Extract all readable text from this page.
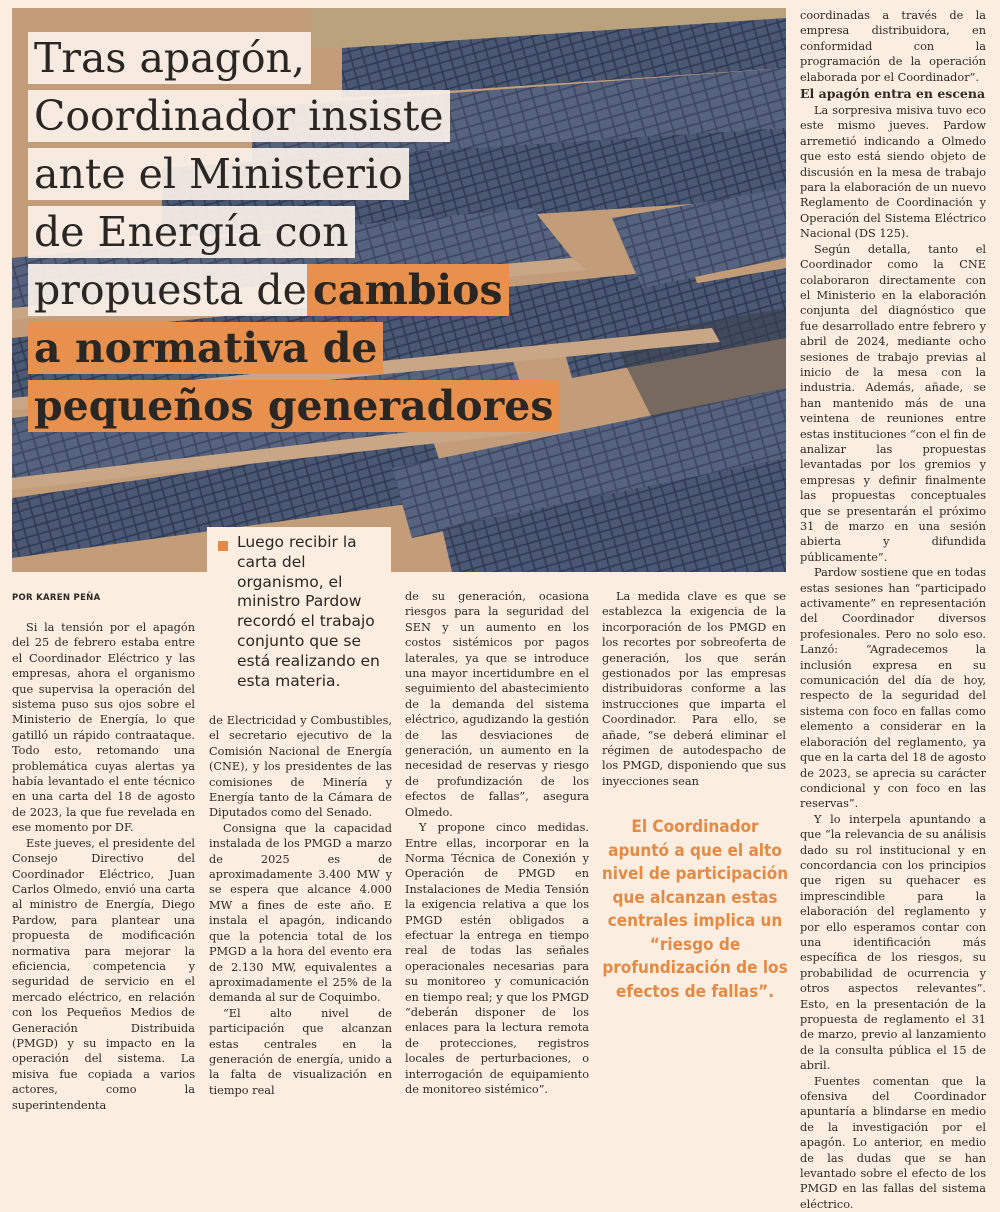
Tras apagón,
Coordinador insiste
ante el Ministerio
de Energía con
propuesta decambios
a normativa de
pequeños generadores
Luego recibir la carta del organismo, el ministro Pardow recordó el trabajo conjunto que se está realizando en esta materia.
POR KAREN PEÑA

Si la tensión por el apagón del 25 de febrero estaba entre el Coordinador Eléctrico y las empresas, ahora el organismo que supervisa la operación del sistema puso sus ojos sobre el Ministerio de Energía, lo que gatilló un rápido contraataque. Todo esto, retomando una problemática cuyas alertas ya había levantado el ente técnico en una carta del 18 de agosto de 2023, la que fue revelada en ese momento por DF.

Este jueves, el presidente del Consejo Directivo del Coordinador Eléctrico, Juan Carlos Olmedo, envió una carta al ministro de Energía, Diego Pardow, para plantear una propuesta de modificación normativa para mejorar la eficiencia, competencia y seguridad de servicio en el mercado eléctrico, en relación con los Pequeños Medios de Generación Distribuida (PMGD) y su impacto en la operación del sistema. La misiva fue copiada a varios actores, como la superintendenta

de Electricidad y Combustibles, el secretario ejecutivo de la Comisión Nacional de Energía (CNE), y los presidentes de las comisiones de Minería y Energía tanto de la Cámara de Diputados como del Senado.

Consigna que la capacidad instalada de los PMGD a marzo de 2025 es de aproximadamente 3.400 MW y se espera que alcance 4.000 MW a fines de este año. E instala el apagón, indicando que la potencia total de los PMGD a la hora del evento era de 2.130 MW, equivalentes a aproximadamente el 25% de la demanda al sur de Coquimbo.

“El alto nivel de participación que alcanzan estas centrales en la generación de energía, unido a la falta de visualización en tiempo real

de su generación, ocasiona riesgos para la seguridad del SEN y un aumento en los costos sistémicos por pagos laterales, ya que se introduce una mayor incertidumbre en el seguimiento del abastecimiento de la demanda del sistema eléctrico, agudizando la gestión de las desviaciones de generación, un aumento en la necesidad de reservas y riesgo de profundización de los efectos de fallas”, asegura Olmedo.

Y propone cinco medidas. Entre ellas, incorporar en la Norma Técnica de Conexión y Operación de PMGD en Instalaciones de Media Tensión la exigencia relativa a que los PMGD estén obligados a efectuar la entrega en tiempo real de todas las señales operacionales necesarias para su monitoreo y comunicación en tiempo real; y que los PMGD “deberán disponer de los enlaces para la lectura remota de protecciones, registros locales de perturbaciones, o interrogación de equipamiento de monitoreo sistémico”.

La medida clave es que se establezca la exigencia de la incorporación de los PMGD en los recortes por sobreoferta de generación, los que serán gestionados por las empresas distribuidoras conforme a las instrucciones que imparta el Coordinador. Para ello, se añade, “se deberá eliminar el régimen de autodespacho de los PMGD, disponiendo que sus inyecciones sean

El Coordinador apuntó a que el alto nivel de participación que alcanzan estas centrales implica un “riesgo de profundización de los efectos de fallas”.

coordinadas a través de la empresa distribuidora, en conformidad con la programación de la operación elaborada por el Coordinador”.

El apagón entra en escena

La sorpresiva misiva tuvo eco este mismo jueves. Pardow arremetió indicando a Olmedo que esto está siendo objeto de discusión en la mesa de trabajo para la elaboración de un nuevo Reglamento de Coordinación y Operación del Sistema Eléctrico Nacional (DS 125).

Según detalla, tanto el Coordinador como la CNE colaboraron directamente con el Ministerio en la elaboración conjunta del diagnóstico que fue desarrollado entre febrero y abril de 2024, mediante ocho sesiones de trabajo previas al inicio de la mesa con la industria. Además, añade, se han mantenido más de una veintena de reuniones entre estas instituciones “con el fin de analizar las propuestas levantadas por los gremios y empresas y definir finalmente las propuestas conceptuales que se presentarán el próximo 31 de marzo en una sesión abierta y difundida públicamente”.

Pardow sostiene que en todas estas sesiones han “participado activamente” en representación del Coordinador diversos profesionales. Pero no solo eso. Lanzó: “Agradecemos la inclusión expresa en su comunicación del día de hoy, respecto de la seguridad del sistema con foco en fallas como elemento a considerar en la elaboración del reglamento, ya que en la carta del 18 de agosto de 2023, se aprecia su carácter condicional y con foco en las reservas”.

Y lo interpela apuntando a que “la relevancia de su análisis dado su rol institucional y en concordancia con los principios que rigen su quehacer es imprescindible para la elaboración del reglamento y por ello esperamos contar con una identificación más específica de los riesgos, su probabilidad de ocurrencia y otros aspectos relevantes”. Esto, en la presentación de la propuesta de reglamento el 31 de marzo, previo al lanzamiento de la consulta pública el 15 de abril.

Fuentes comentan que la ofensiva del Coordinador apuntaría a blindarse en medio de la investigación por el apagón. Lo anterior, en medio de las dudas que se han levantado sobre el efecto de los PMGD en las fallas del sistema eléctrico.
